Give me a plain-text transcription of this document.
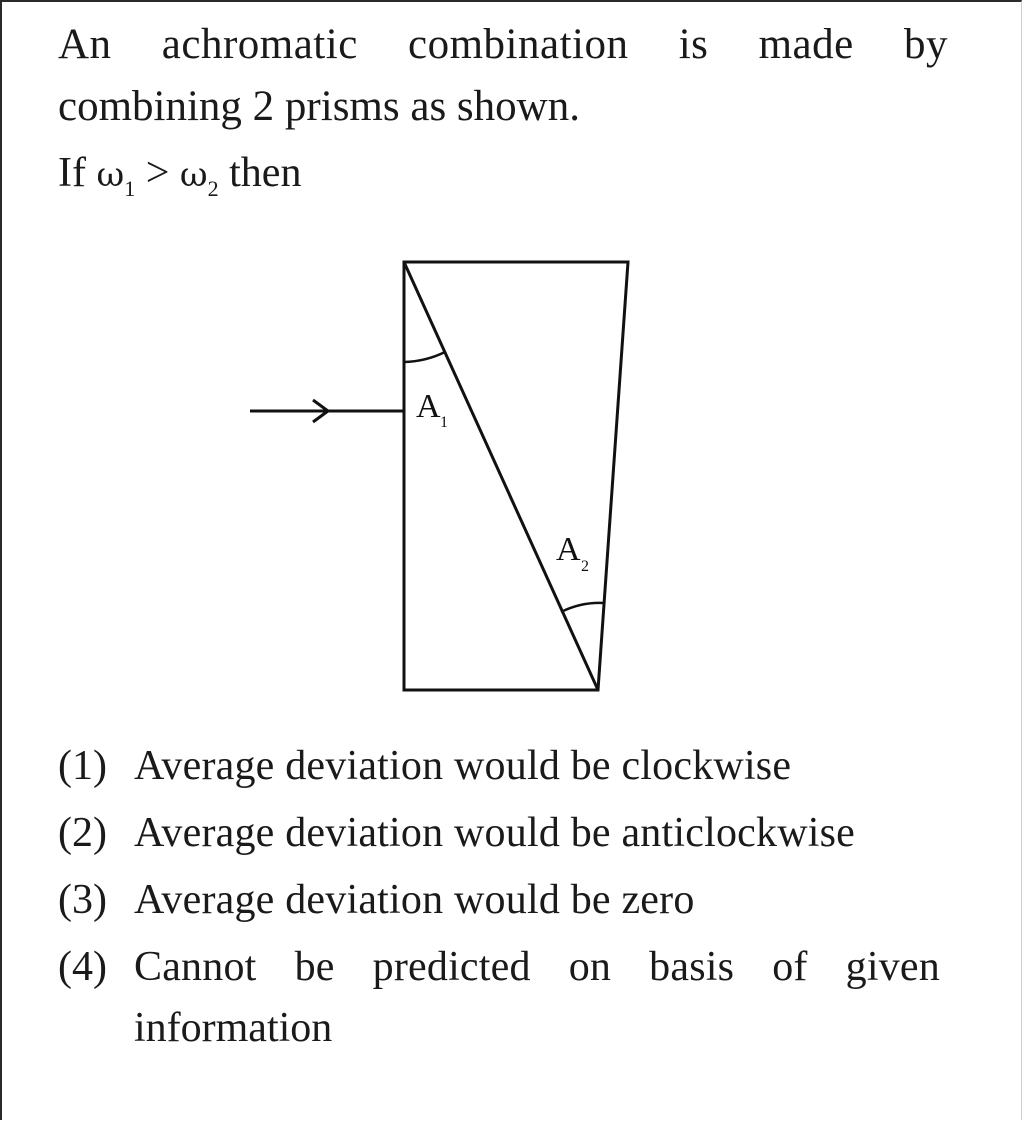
An achromatic combination is made by
combining 2 prisms as shown.
If $\omega_1 > \omega_2$ then
A 1
A 2
(1) Average deviation would be clockwise
(2) Average deviation would be anticlockwise
(3) Average deviation would be zero
(4) Cannot be predicted on basis of given
information
